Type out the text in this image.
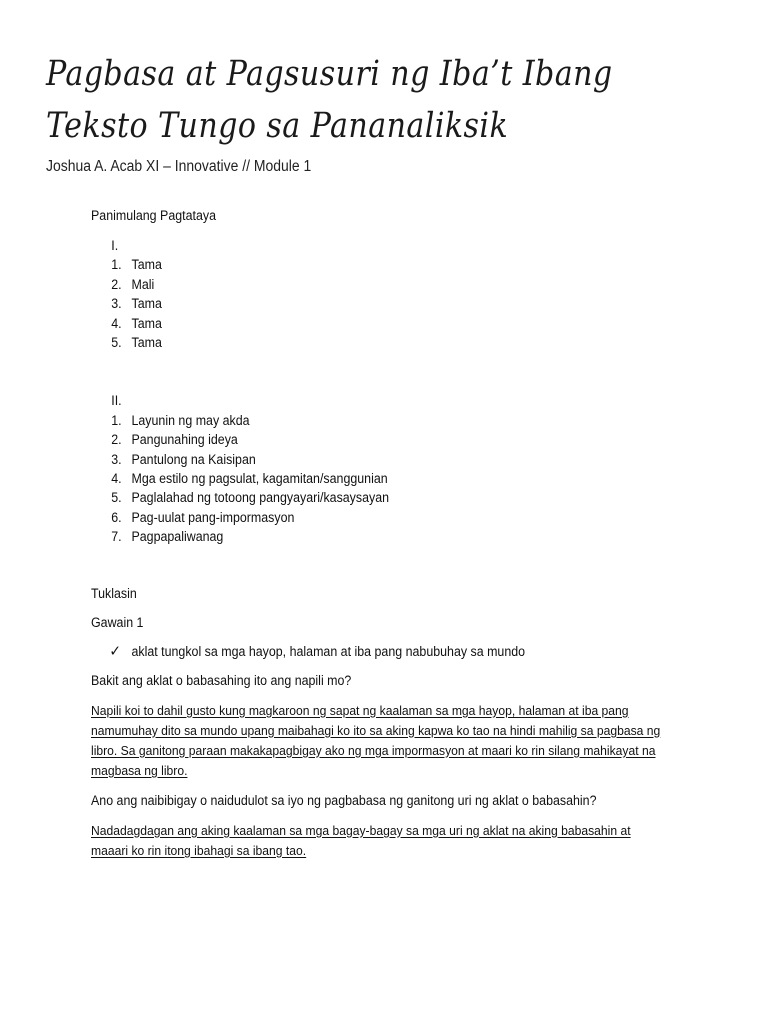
Pagbasa at Pagsusuri ng Iba’t Ibang
Teksto Tungo sa Pananaliksik
Joshua A. Acab XI – Innovative // Module 1

Panimulang Pagtataya

I.
1. Tama
2. Mali
3. Tama
4. Tama
5. Tama
II.
1. Layunin ng may akda
2. Pangunahing ideya
3. Pantulong na Kaisipan
4. Mga estilo ng pagsulat, kagamitan/sanggunian
5. Paglalahad ng totoong pangyayari/kasaysayan
6. Pag-uulat pang-impormasyon
7. Pagpapaliwanag

Tuklasin

Gawain 1

✓ aklat tungkol sa mga hayop, halaman at iba pang nabubuhay sa mundo

Bakit ang aklat o babasahing ito ang napili mo?

Napili koi to dahil gusto kung magkaroon ng sapat ng kaalaman sa mga hayop, halaman at iba pang

namumuhay dito sa mundo upang maibahagi ko ito sa aking kapwa ko tao na hindi mahilig sa pagbasa ng

libro. Sa ganitong paraan makakapagbigay ako ng mga impormasyon at maari ko rin silang mahikayat na

magbasa ng libro.

Ano ang naibibigay o naidudulot sa iyo ng pagbabasa ng ganitong uri ng aklat o babasahin?

Nadadagdagan ang aking kaalaman sa mga bagay-bagay sa mga uri ng aklat na aking babasahin at

maaari ko rin itong ibahagi sa ibang tao.
